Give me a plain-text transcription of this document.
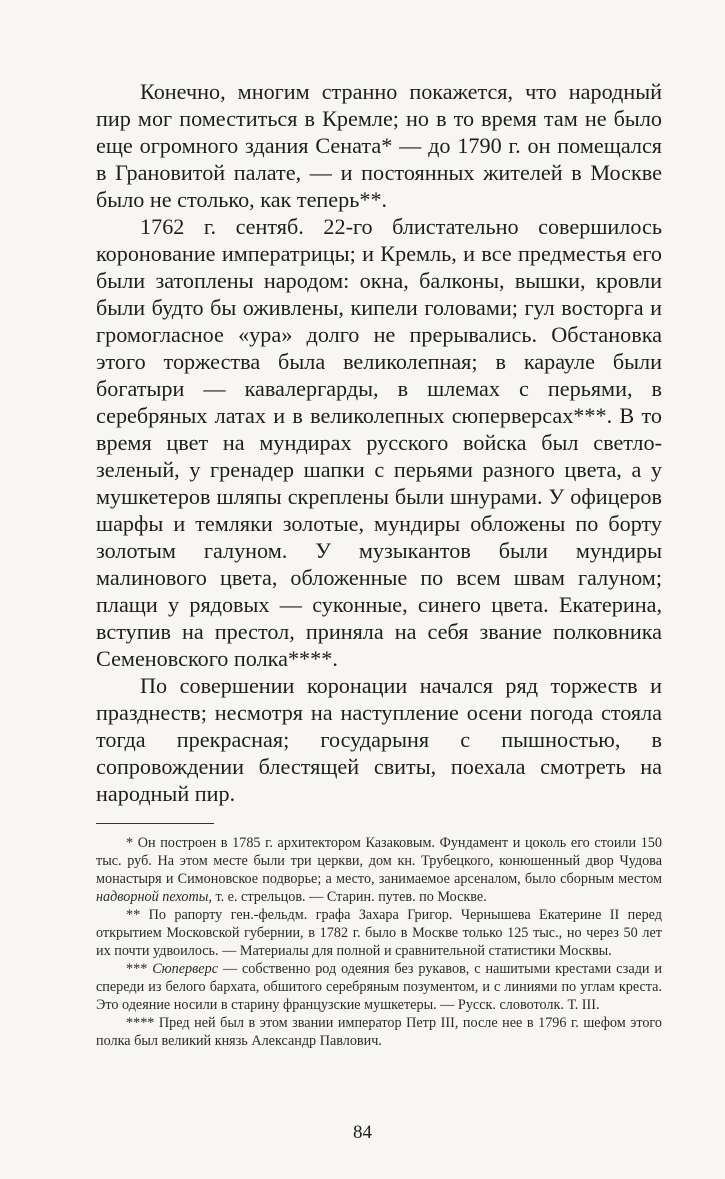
Конечно, многим странно покажется, что народный пир мог поместиться в Кремле; но в то время там не было еще огромного здания Сената* — до 1790 г. он помещался в Грановитой палате, — и постоянных жителей в Москве было не столько, как теперь**.

1762 г. сентяб. 22-го блистательно совершилось коронование императрицы; и Кремль, и все предместья его были затоплены народом: окна, балконы, вышки, кровли были будто бы оживлены, кипели головами; гул восторга и громогласное «ура» долго не прерывались. Обстановка этого торжества была великолепная; в карауле были богатыри — кавалергарды, в шлемах с перьями, в серебряных латах и в великолепных сюперверсах***. В то время цвет на мундирах русского войска был светло-зеленый, у гренадер шапки с перьями разного цвета, а у мушкетеров шляпы скреплены были шнурами. У офицеров шарфы и темляки золотые, мундиры обложены по борту золотым галуном. У музыкантов были мундиры малинового цвета, обложенные по всем швам галуном; плащи у рядовых — суконные, синего цвета. Екатерина, вступив на престол, приняла на себя звание полковника Семеновского полка****.

По совершении коронации начался ряд торжеств и празднеств; несмотря на наступление осени погода стояла тогда прекрасная; государыня с пышностью, в сопровождении блестящей свиты, поехала смотреть на народный пир.

* Он построен в 1785 г. архитектором Казаковым. Фундамент и цоколь его стоили 150 тыс. руб. На этом месте были три церкви, дом кн. Трубецкого, конюшенный двор Чудова монастыря и Симоновское подворье; а место, занимаемое арсеналом, было сборным местом надворной пехоты, т. е. стрельцов. — Старин. путев. по Москве.

** По рапорту ген.-фельдм. графа Захара Григор. Чернышева Екатерине II перед открытием Московской губернии, в 1782 г. было в Москве только 125 тыс., но через 50 лет их почти удвоилось. — Материалы для полной и сравнительной статистики Москвы.

*** Сюперверс — собственно род одеяния без рукавов, с нашитыми крестами сзади и спереди из белого бархата, обшитого серебряным позументом, и с линиями по углам креста. Это одеяние носили в старину французские мушкетеры. — Русск. словотолк. Т. III.

**** Пред ней был в этом звании император Петр III, после нее в 1796 г. шефом этого полка был великий князь Александр Павлович.

84
